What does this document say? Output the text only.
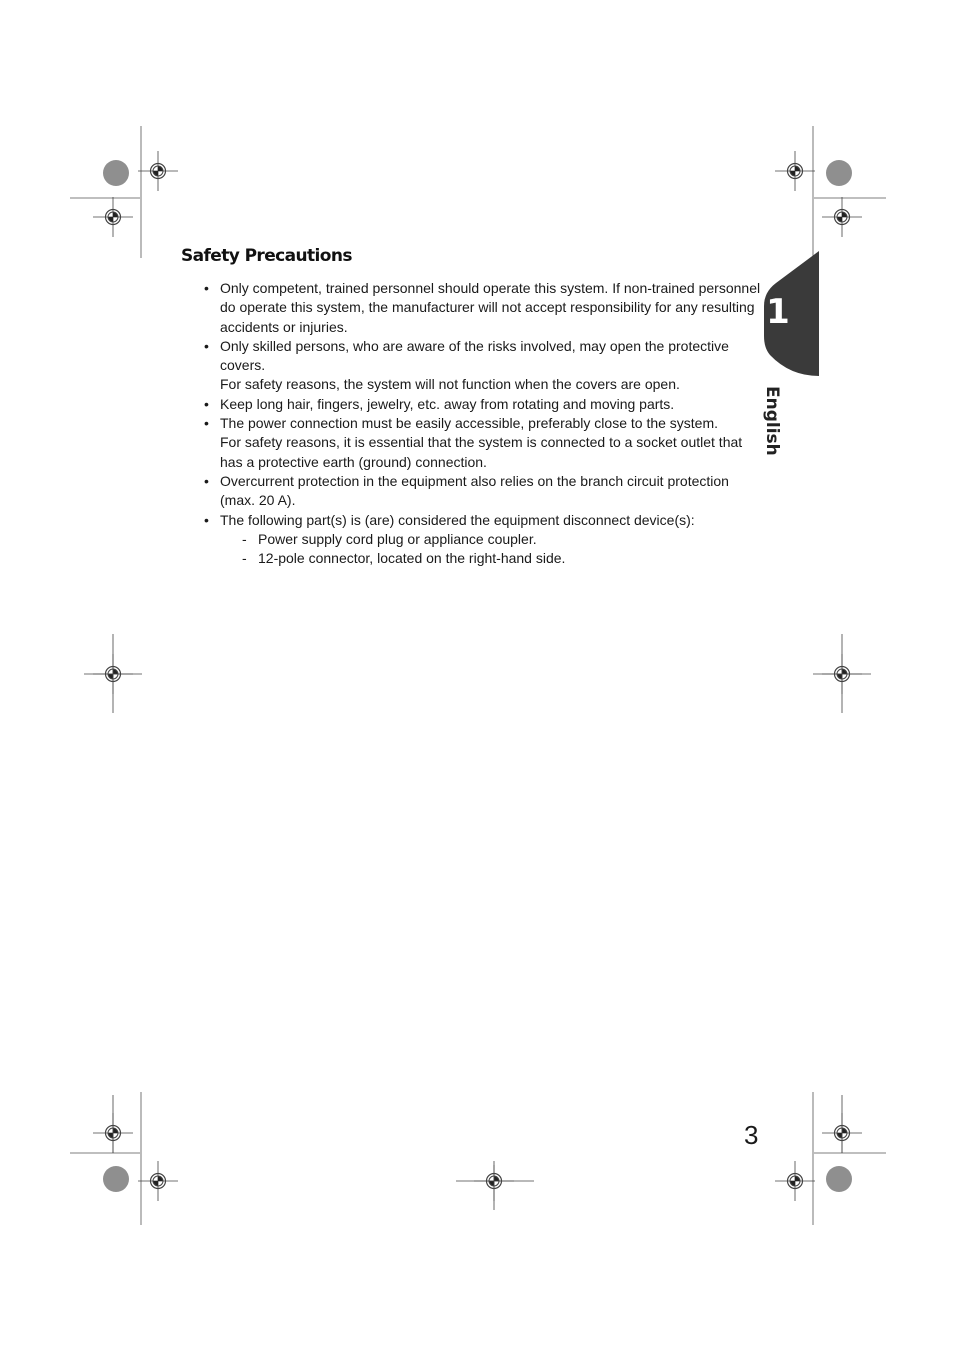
Safety Precautions

• Only competent, trained personnel should operate this system. If non-trained personnel do operate this system, the manufacturer will not accept responsibility for any resulting accidents or injuries.

• Only skilled persons, who are aware of the risks involved, may open the protective covers.

For safety reasons, the system will not function when the covers are open.

• Keep long hair, fingers, jewelry, etc. away from rotating and moving parts.

• The power connection must be easily accessible, preferably close to the system.

For safety reasons, it is essential that the system is connected to a socket outlet that has a protective earth (ground) connection.

• Overcurrent protection in the equipment also relies on the branch circuit protection (max. 20 A).

• The following part(s) is (are) considered the equipment disconnect device(s):

- Power supply cord plug or appliance coupler.
- 12-pole connector, located on the right-hand side.
1
English
3
